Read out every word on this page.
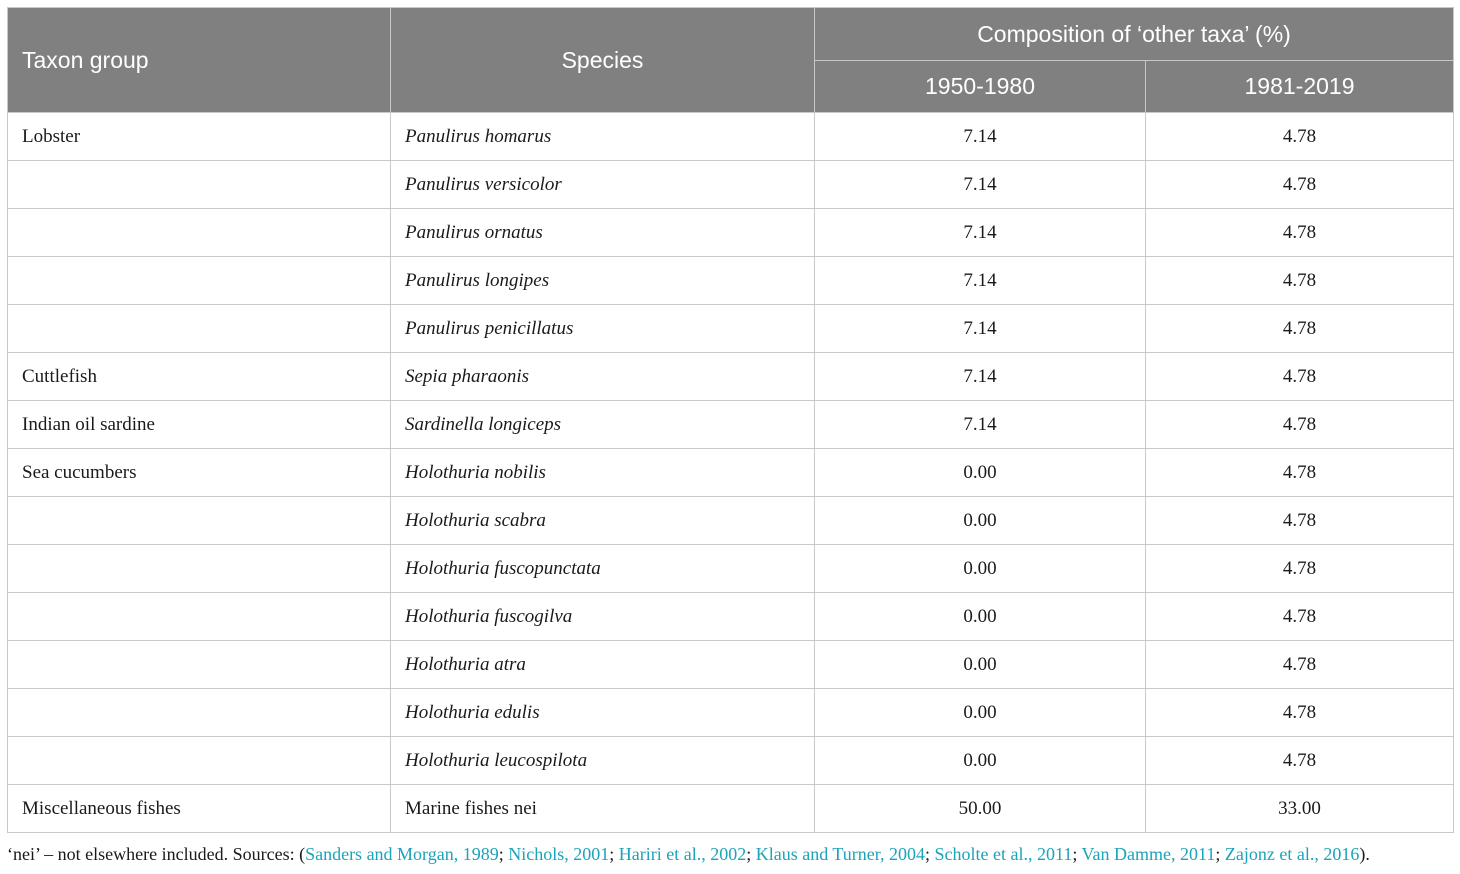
Taxon group	Species	Composition of ‘other taxa’ (%)	
		1950-1980	1981-2019
Lobster	Panulirus homarus	7.14	4.78
	Panulirus versicolor	7.14	4.78
	Panulirus ornatus	7.14	4.78
	Panulirus longipes	7.14	4.78
	Panulirus penicillatus	7.14	4.78
Cuttlefish	Sepia pharaonis	7.14	4.78
Indian oil sardine	Sardinella longiceps	7.14	4.78
Sea cucumbers	Holothuria nobilis	0.00	4.78
	Holothuria scabra	0.00	4.78
	Holothuria fuscopunctata	0.00	4.78
	Holothuria fuscogilva	0.00	4.78
	Holothuria atra	0.00	4.78
	Holothuria edulis	0.00	4.78
	Holothuria leucospilota	0.00	4.78
Miscellaneous fishes	Marine fishes nei	50.00	33.00
‘nei’ – not elsewhere included. Sources: (Sanders and Morgan, 1989; Nichols, 2001; Hariri et al., 2002; Klaus and Turner, 2004; Scholte et al., 2011; Van Damme, 2011; Zajonz et al., 2016).
